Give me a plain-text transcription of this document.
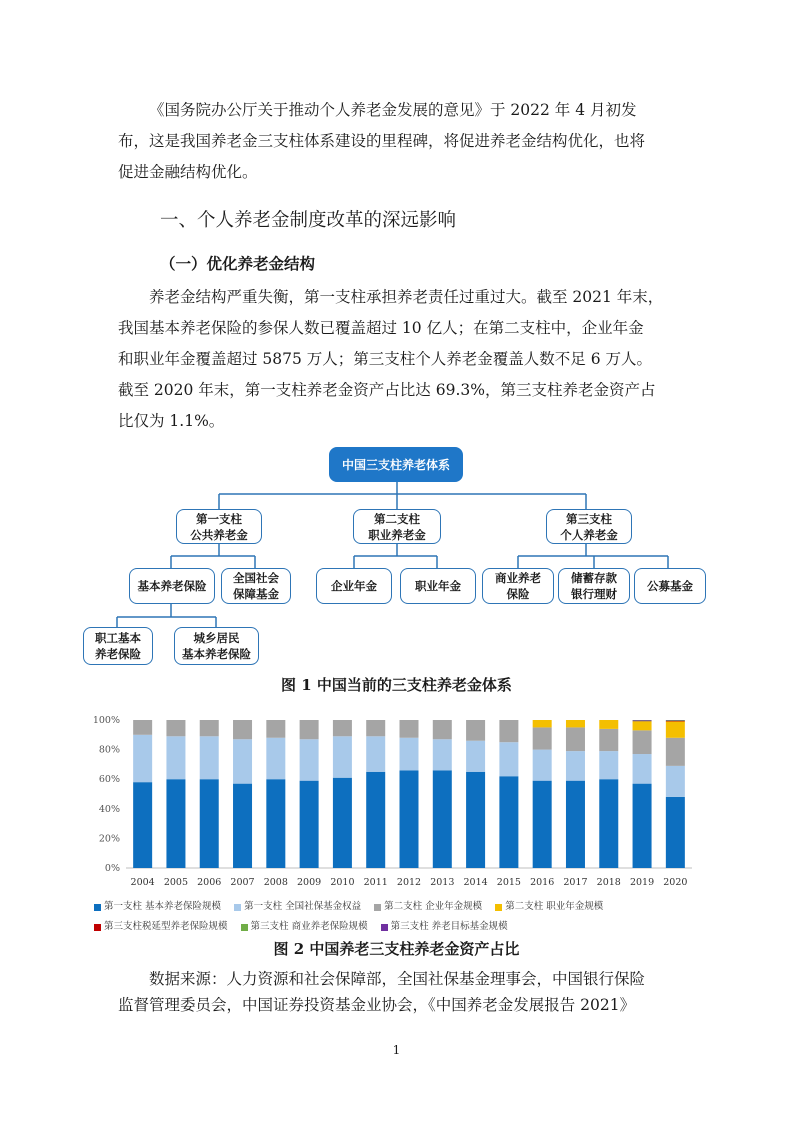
《国务院办公厅关于推动个人养老金发展的意见》于 2022 年 4 月初发

布，这是我国养老金三支柱体系建设的里程碑，将促进养老金结构优化，也将

促进金融结构优化。

一、个人养老金制度改革的深远影响
（一）优化养老金结构

养老金结构严重失衡，第一支柱承担养老责任过重过大。截至 2021 年末，

我国基本养老保险的参保人数已覆盖超过 10 亿人；在第二支柱中，企业年金

和职业年金覆盖超过 5875 万人；第三支柱个人养老金覆盖人数不足 6 万人。

截至 2020 年末，第一支柱养老金资产占比达 69.3%，第三支柱养老金资产占

比仅为 1.1%。

中国三支柱养老体系
第一支柱
公共养老金
第二支柱
职业养老金
第三支柱
个人养老金
基本养老保险
全国社会
保障基金
职工基本
养老保险
城乡居民
基本养老保险
企业年金	职业年金
商业养老
保险
储蓄存款
银行理财
公募基金

图 1 中国当前的三支柱养老金体系

0%
20%
40%
60%
80%
100%
2004 2005 2006 2007 2008 2009 2010 2011 2012 2013 2014 2015 2016 2017 2018 2019 2020
第一支柱 基本养老保险规模
第一支柱 全国社保基金权益
第二支柱 企业年金规模
第二支柱 职业年金规模

第三支柱税延型养老保险规模
第三支柱 商业养老保险规模
第三支柱 养老目标基金规模

图 2 中国养老三支柱养老金资产占比

数据来源：人力资源和社会保障部，全国社保基金理事会，中国银行保险

监督管理委员会，中国证券投资基金业协会，《中国养老金发展报告 2021》

1
